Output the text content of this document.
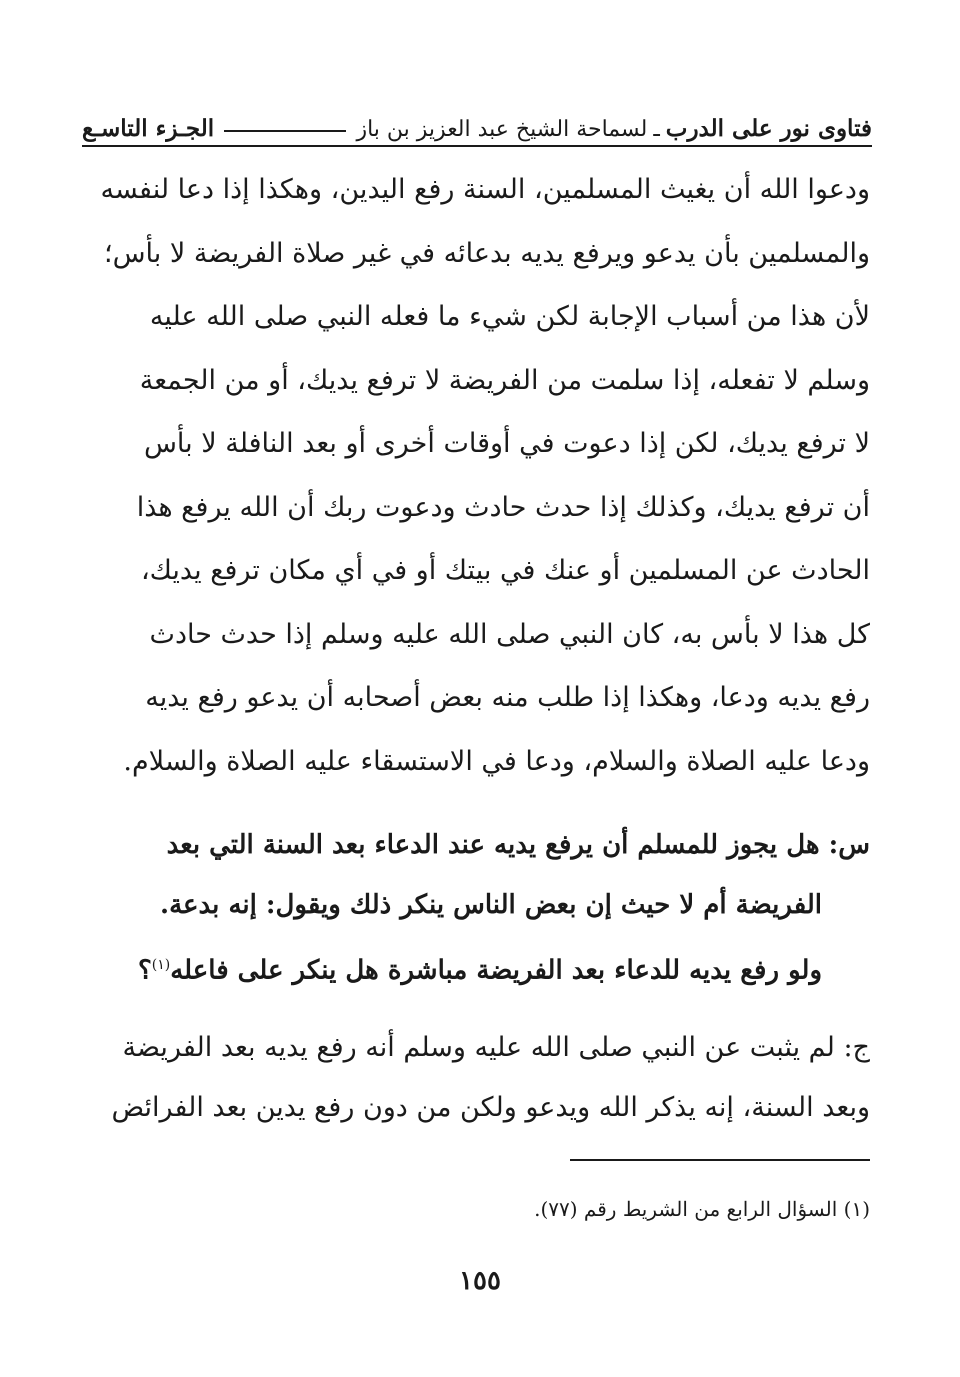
فتاوى نور على الدرب
ـ
لسماحة الشيخ عبد العزيز بن باز
الجـزء التاسـع
ودعوا الله أن يغيث المسلمين، السنة رفع اليدين، وهكذا إذا دعا لنفسه
والمسلمين بأن يدعو ويرفع يديه بدعائه في غير صلاة الفريضة لا بأس؛
لأن هذا من أسباب الإجابة لكن شيء ما فعله النبي صلى الله عليه
وسلم لا تفعله، إذا سلمت من الفريضة لا ترفع يديك، أو من الجمعة
لا ترفع يديك، لكن إذا دعوت في أوقات أخرى أو بعد النافلة لا بأس
أن ترفع يديك، وكذلك إذا حدث حادث ودعوت ربك أن الله يرفع هذا
الحادث عن المسلمين أو عنك في بيتك أو في أي مكان ترفع يديك،
كل هذا لا بأس به، كان النبي صلى الله عليه وسلم إذا حدث حادث
رفع يديه ودعا، وهكذا إذا طلب منه بعض أصحابه أن يدعو رفع يديه
ودعا عليه الصلاة والسلام، ودعا في الاستسقاء عليه الصلاة والسلام.
س: هل يجوز للمسلم أن يرفع يديه عند الدعاء بعد السنة التي بعد
الفريضة أم لا حيث إن بعض الناس ينكر ذلك ويقول: إنه بدعة.
ولو رفع يديه للدعاء بعد الفريضة مباشرة هل ينكر على فاعله$^{(١)}$؟
ج: لم يثبت عن النبي صلى الله عليه وسلم أنه رفع يديه بعد الفريضة
وبعد السنة، إنه يذكر الله ويدعو ولكن من دون رفع يدين بعد الفرائض
(١) السؤال الرابع من الشريط رقم (٧٧).
١٥٥
